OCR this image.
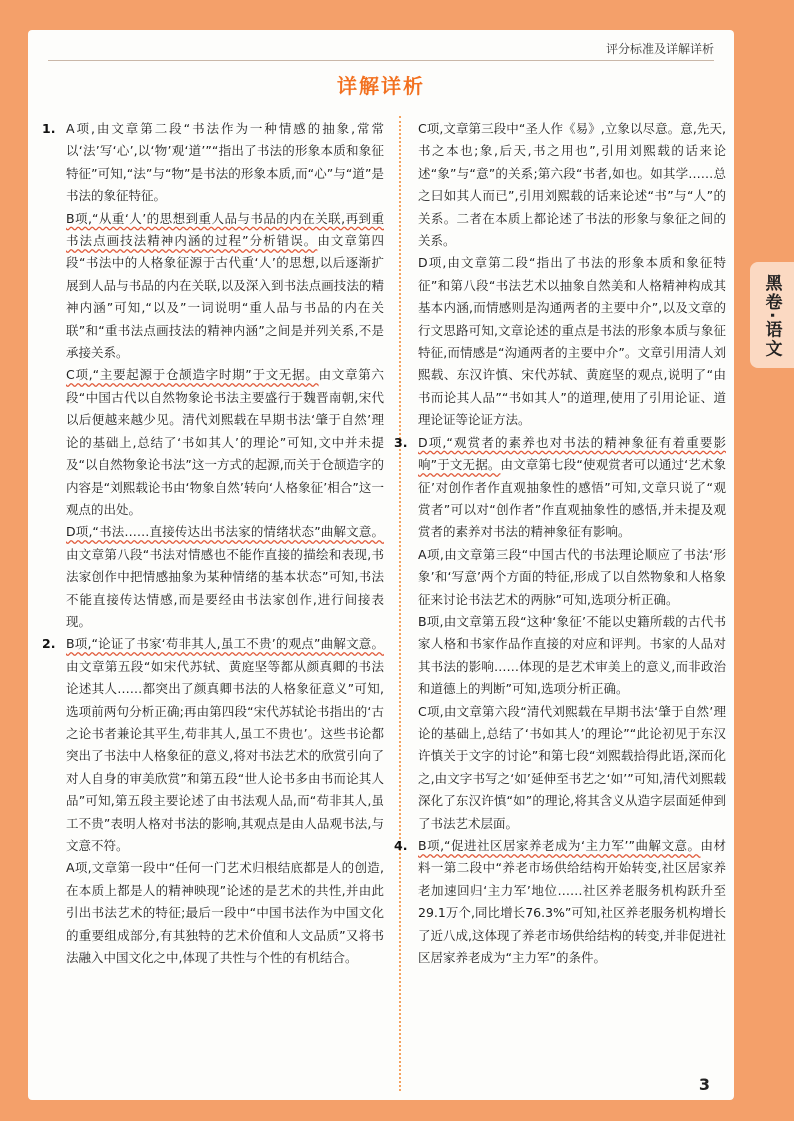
评分标准及详解详析
详解详析
1. A项,由文章第二段“书法作为一种情感的抽象,常常以‘法’写‘心’,以‘物’观‘道’”“指出了书法的形象本质和象征特征”可知,“法”与“物”是书法的形象本质,而“心”与“道”是书法的象征特征。

B项,“从重‘人’的思想到重人品与书品的内在关联,再到重书法点画技法精神内涵的过程”分析错误。由文章第四段“书法中的人格象征源于古代重‘人’的思想,以后逐渐扩展到人品与书品的内在关联,以及深入到书法点画技法的精神内涵”可知,“以及”一词说明“重人品与书品的内在关联”和“重书法点画技法的精神内涵”之间是并列关系,不是承接关系。

C项,“主要起源于仓颉造字时期”于文无据。由文章第六段“中国古代以自然物象论书法主要盛行于魏晋南朝,宋代以后便越来越少见。清代刘熙载在早期书法‘肇于自然’理论的基础上,总结了‘书如其人’的理论”可知,文中并未提及“以自然物象论书法”这一方式的起源,而关于仓颉造字的内容是“刘熙载论书由‘物象自然’转向‘人格象征’相合”这一观点的出处。

D项,“书法……直接传达出书法家的情绪状态”曲解文意。由文章第八段“书法对情感也不能作直接的描绘和表现,书法家创作中把情感抽象为某种情绪的基本状态”可知,书法不能直接传达情感,而是要经由书法家创作,进行间接表现。

2. B项,“论证了书家‘苟非其人,虽工不贵’的观点”曲解文意。由文章第五段“如宋代苏轼、黄庭坚等都从颜真卿的书法论述其人……都突出了颜真卿书法的人格象征意义”可知,选项前两句分析正确;再由第四段“宋代苏轼论书指出的‘古之论书者兼论其平生,苟非其人,虽工不贵也’。这些书论都突出了书法中人格象征的意义,将对书法艺术的欣赏引向了对人自身的审美欣赏”和第五段“世人论书多由书而论其人品”可知,第五段主要论述了由书法观人品,而“苟非其人,虽工不贵”表明人格对书法的影响,其观点是由人品观书法,与文意不符。

A项,文章第一段中“任何一门艺术归根结底都是人的创造,在本质上都是人的精神映现”论述的是艺术的共性,并由此引出书法艺术的特征;最后一段中“中国书法作为中国文化的重要组成部分,有其独特的艺术价值和人文品质”又将书法融入中国文化之中,体现了共性与个性的有机结合。

C项,文章第三段中“圣人作《易》,立象以尽意。意,先天,书之本也;象,后天,书之用也”,引用刘熙载的话来论述“象”与“意”的关系;第六段“书者,如也。如其学……总之曰如其人而已”,引用刘熙载的话来论述“书”与“人”的关系。二者在本质上都论述了书法的形象与象征之间的关系。

D项,由文章第二段“指出了书法的形象本质和象征特征”和第八段“书法艺术以抽象自然美和人格精神构成其基本内涵,而情感则是沟通两者的主要中介”,以及文章的行文思路可知,文章论述的重点是书法的形象本质与象征特征,而情感是“沟通两者的主要中介”。文章引用清人刘熙载、东汉许慎、宋代苏轼、黄庭坚的观点,说明了“由书而论其人品”“书如其人”的道理,使用了引用论证、道理论证等论证方法。

3. D项,“观赏者的素养也对书法的精神象征有着重要影响”于文无据。由文章第七段“使观赏者可以通过‘艺术象征’对创作者作直观抽象性的感悟”可知,文章只说了“观赏者”可以对“创作者”作直观抽象性的感悟,并未提及观赏者的素养对书法的精神象征有影响。

A项,由文章第三段“中国古代的书法理论顺应了书法‘形象’和‘写意’两个方面的特征,形成了以自然物象和人格象征来讨论书法艺术的两脉”可知,选项分析正确。

B项,由文章第五段“这种‘象征’不能以史籍所载的古代书家人格和书家作品作直接的对应和评判。书家的人品对其书法的影响……体现的是艺术审美上的意义,而非政治和道德上的判断”可知,选项分析正确。

C项,由文章第六段“清代刘熙载在早期书法‘肇于自然’理论的基础上,总结了‘书如其人’的理论”“此论初见于东汉许慎关于文字的讨论”和第七段“刘熙载拾得此语,深而化之,由文字书写之‘如’延伸至书艺之‘如’”可知,清代刘熙载深化了东汉许慎“如”的理论,将其含义从造字层面延伸到了书法艺术层面。

4. B项,“促进社区居家养老成为‘主力军’”曲解文意。由材料一第二段中“养老市场供给结构开始转变,社区居家养老加速回归‘主力军’地位……社区养老服务机构跃升至29.1万个,同比增长76.3%”可知,社区养老服务机构增长了近八成,这体现了养老市场供给结构的转变,并非促进社区居家养老成为“主力军”的条件。

3
黑卷·语文
